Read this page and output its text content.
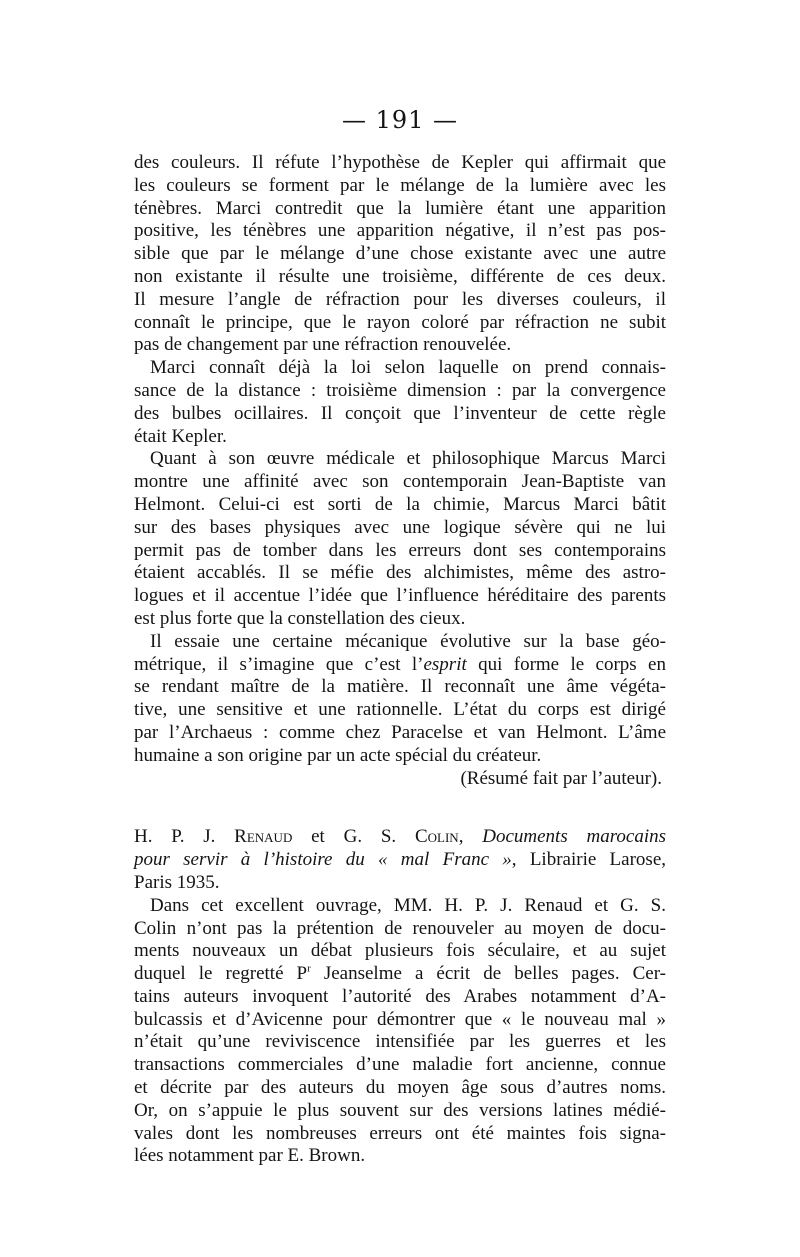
— 191 —
des couleurs. Il réfute l’hypothèse de Kepler qui affirmait que
les couleurs se forment par le mélange de la lumière avec les
ténèbres. Marci contredit que la lumière étant une apparition
positive, les ténèbres une apparition négative, il n’est pas pos-
sible que par le mélange d’une chose existante avec une autre
non existante il résulte une troisième, différente de ces deux.
Il mesure l’angle de réfraction pour les diverses couleurs, il
connaît le principe, que le rayon coloré par réfraction ne subit
pas de changement par une réfraction renouvelée.
Marci connaît déjà la loi selon laquelle on prend connais-
sance de la distance : troisième dimension : par la convergence
des bulbes ocillaires. Il conçoit que l’inventeur de cette règle
était Kepler.
Quant à son œuvre médicale et philosophique Marcus Marci
montre une affinité avec son contemporain Jean-Baptiste van
Helmont. Celui-ci est sorti de la chimie, Marcus Marci bâtit
sur des bases physiques avec une logique sévère qui ne lui
permit pas de tomber dans les erreurs dont ses contemporains
étaient accablés. Il se méfie des alchimistes, même des astro-
logues et il accentue l’idée que l’influence héréditaire des parents
est plus forte que la constellation des cieux.
Il essaie une certaine mécanique évolutive sur la base géo-
métrique, il s’imagine que c’est l’esprit qui forme le corps en
se rendant maître de la matière. Il reconnaît une âme végéta-
tive, une sensitive et une rationnelle. L’état du corps est dirigé
par l’Archaeus : comme chez Paracelse et van Helmont. L’âme
humaine a son origine par un acte spécial du créateur.
(Résumé fait par l’auteur).
H. P. J. Renaud et G. S. Colin, Documents marocains
pour servir à l’histoire du « mal Franc », Librairie Larose,
Paris 1935.
Dans cet excellent ouvrage, MM. H. P. J. Renaud et G. S.
Colin n’ont pas la prétention de renouveler au moyen de docu-
ments nouveaux un débat plusieurs fois séculaire, et au sujet
duquel le regretté $P^r$ Jeanselme a écrit de belles pages. Cer-
tains auteurs invoquent l’autorité des Arabes notamment d’A-
bulcassis et d’Avicenne pour démontrer que « le nouveau mal »
n’était qu’une reviviscence intensifiée par les guerres et les
transactions commerciales d’une maladie fort ancienne, connue
et décrite par des auteurs du moyen âge sous d’autres noms.
Or, on s’appuie le plus souvent sur des versions latines médié-
vales dont les nombreuses erreurs ont été maintes fois signa-
lées notamment par E. Brown.
